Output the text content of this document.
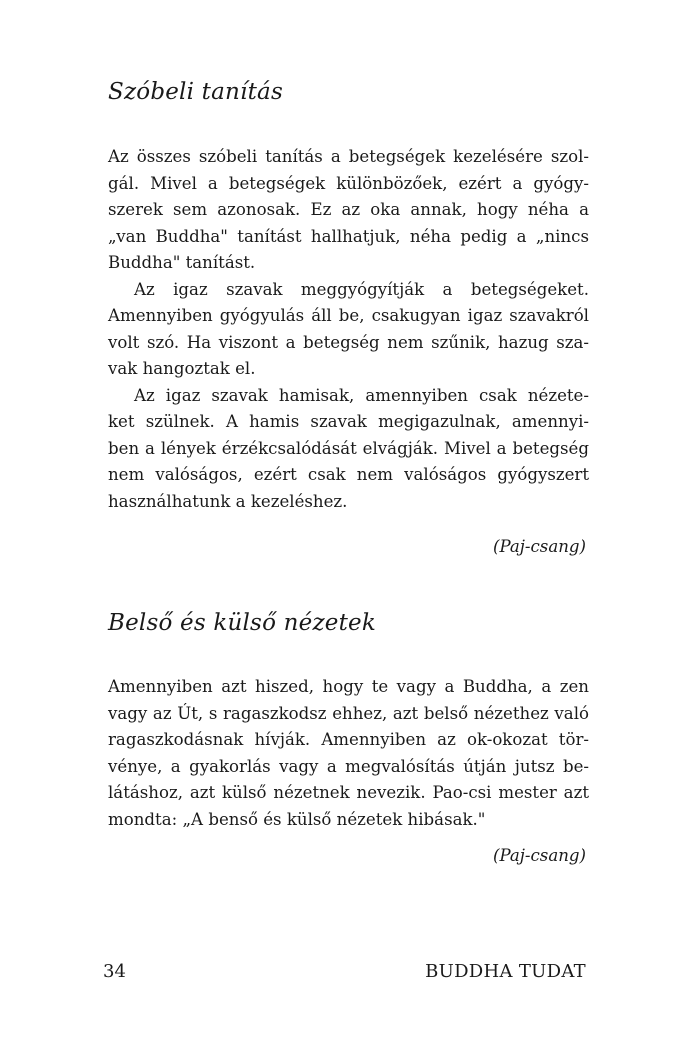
Szóbeli tanítás
Az összes szóbeli tanítás a betegségek kezelésére szol-
gál. Mivel a betegségek különbözőek, ezért a gyógy-
szerek sem azonosak. Ez az oka annak, hogy néha a
„van Buddha" tanítást hallhatjuk, néha pedig a „nincs
Buddha" tanítást.
Az igaz szavak meggyógyítják a betegségeket.
Amennyiben gyógyulás áll be, csakugyan igaz szavakról
volt szó. Ha viszont a betegség nem szűnik, hazug sza-
vak hangoztak el.
Az igaz szavak hamisak, amennyiben csak nézete-
ket szülnek. A hamis szavak megigazulnak, amennyi-
ben a lények érzékcsalódását elvágják. Mivel a betegség
nem valóságos, ezért csak nem valóságos gyógyszert
használhatunk a kezeléshez.
(Paj-csang)
Belső és külső nézetek
Amennyiben azt hiszed, hogy te vagy a Buddha, a zen
vagy az Út, s ragaszkodsz ehhez, azt belső nézethez való
ragaszkodásnak hívják. Amennyiben az ok-okozat tör-
vénye, a gyakorlás vagy a megvalósítás útján jutsz be-
látáshoz, azt külső nézetnek nevezik. Pao-csi mester azt
mondta: „A benső és külső nézetek hibásak."
(Paj-csang)
34	BUDDHA TUDAT
